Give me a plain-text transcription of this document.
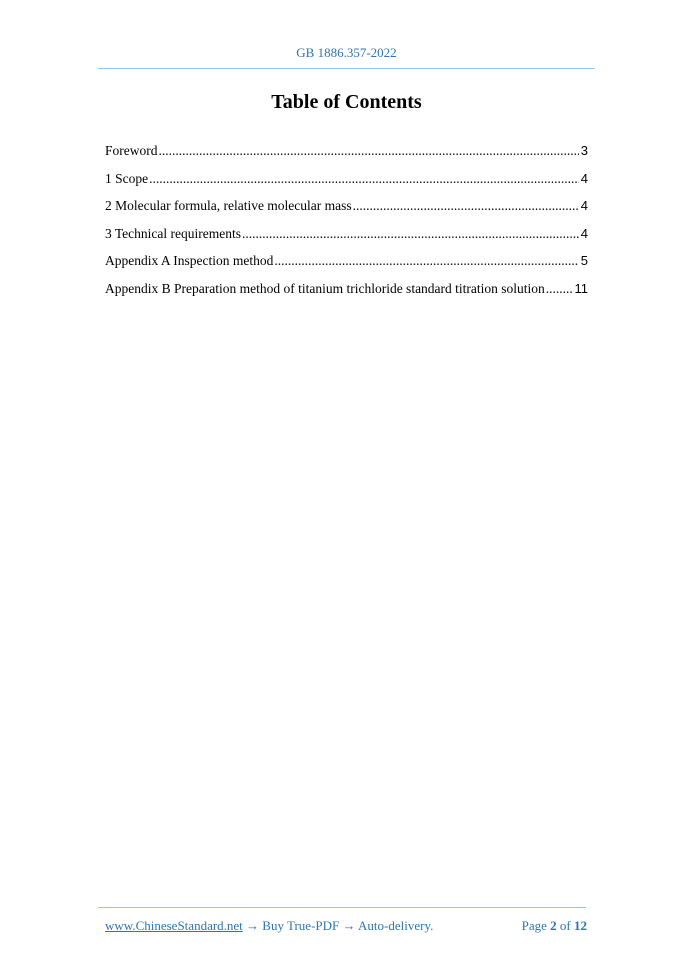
GB 1886.357-2022
Table of Contents
Foreword .....	3
1 Scope .....	4
2 Molecular formula, relative molecular mass .....	4
3 Technical requirements .....	4
Appendix A Inspection method .....	5
Appendix B Preparation method of titanium trichloride standard titration solution ..... 11
www.ChineseStandard.net → Buy True-PDF → Auto-delivery.	Page 2 of 12
